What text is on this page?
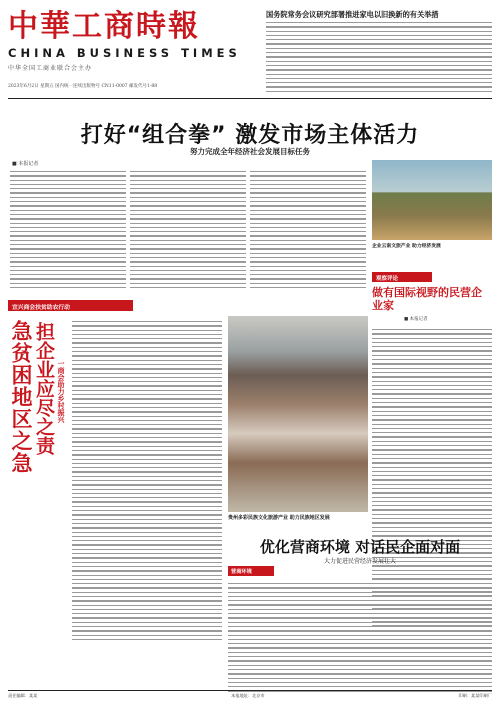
中華工商時報
CHINA BUSINESS TIMES
中华全国工商业联合会主办
2023年6月2日 星期五 国内统一连续出版物号 CN11-0007 邮发代号1-88
国务院常务会议研究部署推进家电以旧换新的有关举措
打好“组合拳” 激发市场主体活力
努力完成全年经济社会发展目标任务
■ 本报记者
企业云南文旅产业 助力经济发展
观察评论
做有国际视野的民营企业家
■ 本报记者
宜兴商会扶贫助农行动
急贫困地区之急 担企业应尽之责 一商会助力乡村振兴
贵州多彩民族文化旅游产业 助力民族地区发展
优化营商环境 对话民企面对面
大力促进民营经济发展壮大
营商环境
责任编辑：某某	本报地址：北京市	印刷：某某印刷厂
